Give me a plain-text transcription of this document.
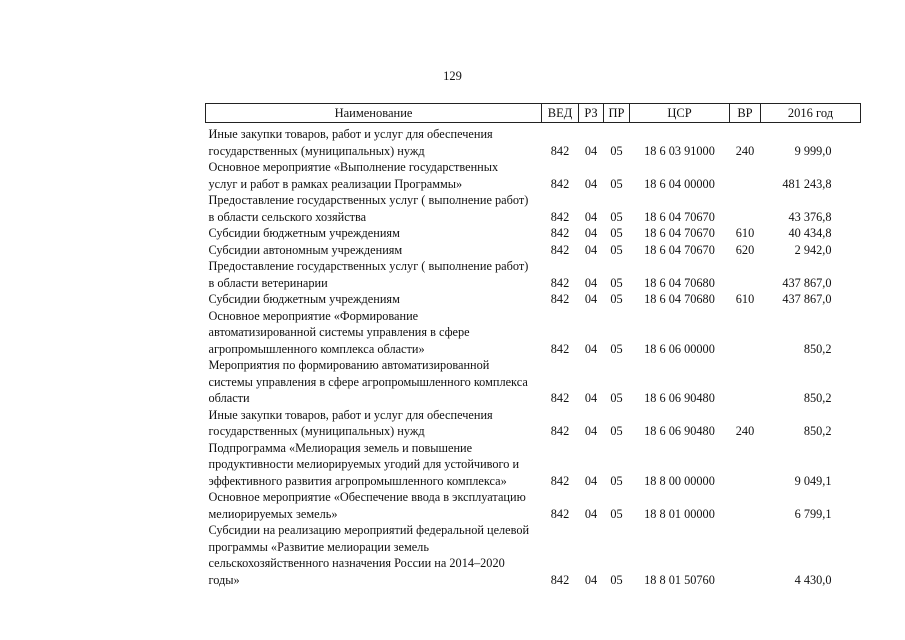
129
Наименование	ВЕД	РЗ	ПР	ЦСР	ВР	2016 год

Иные закупки товаров, работ и услуг для обеспечения
государственных (муниципальных) нужд	842	04	05	18 6 03 91000	240	9 999,0

Основное мероприятие «Выполнение государственных
услуг и работ в рамках реализации Программы»	842	04	05	18 6 04 00000		481 243,8

Предоставление государственных услуг ( выполнение работ)
в области сельского хозяйства	842	04	05	18 6 04 70670		43 376,8

Субсидии бюджетным учреждениям	842	04	05	18 6 04 70670	610	40 434,8

Субсидии автономным учреждениям	842	04	05	18 6 04 70670	620	2 942,0

Предоставление государственных услуг ( выполнение работ)
в области ветеринарии	842	04	05	18 6 04 70680		437 867,0

Субсидии бюджетным учреждениям	842	04	05	18 6 04 70680	610	437 867,0

Основное мероприятие «Формирование
автоматизированной системы управления в сфере
агропромышленного комплекса области»	842	04	05	18 6 06 00000		850,2

Мероприятия по формированию автоматизированной
системы управления в сфере агропромышленного комплекса
области	842	04	05	18 6 06 90480		850,2

Иные закупки товаров, работ и услуг для обеспечения
государственных (муниципальных) нужд	842	04	05	18 6 06 90480	240	850,2

Подпрограмма «Мелиорация земель и повышение
продуктивности мелиорируемых угодий для устойчивого и
эффективного развития агропромышленного комплекса»	842	04	05	18 8 00 00000		9 049,1

Основное мероприятие «Обеспечение ввода в эксплуатацию
мелиорируемых земель»	842	04	05	18 8 01 00000		6 799,1

Субсидии на реализацию мероприятий федеральной целевой
программы «Развитие мелиорации земель
сельскохозяйственного назначения России на 2014–2020
годы»	842	04	05	18 8 01 50760		4 430,0
